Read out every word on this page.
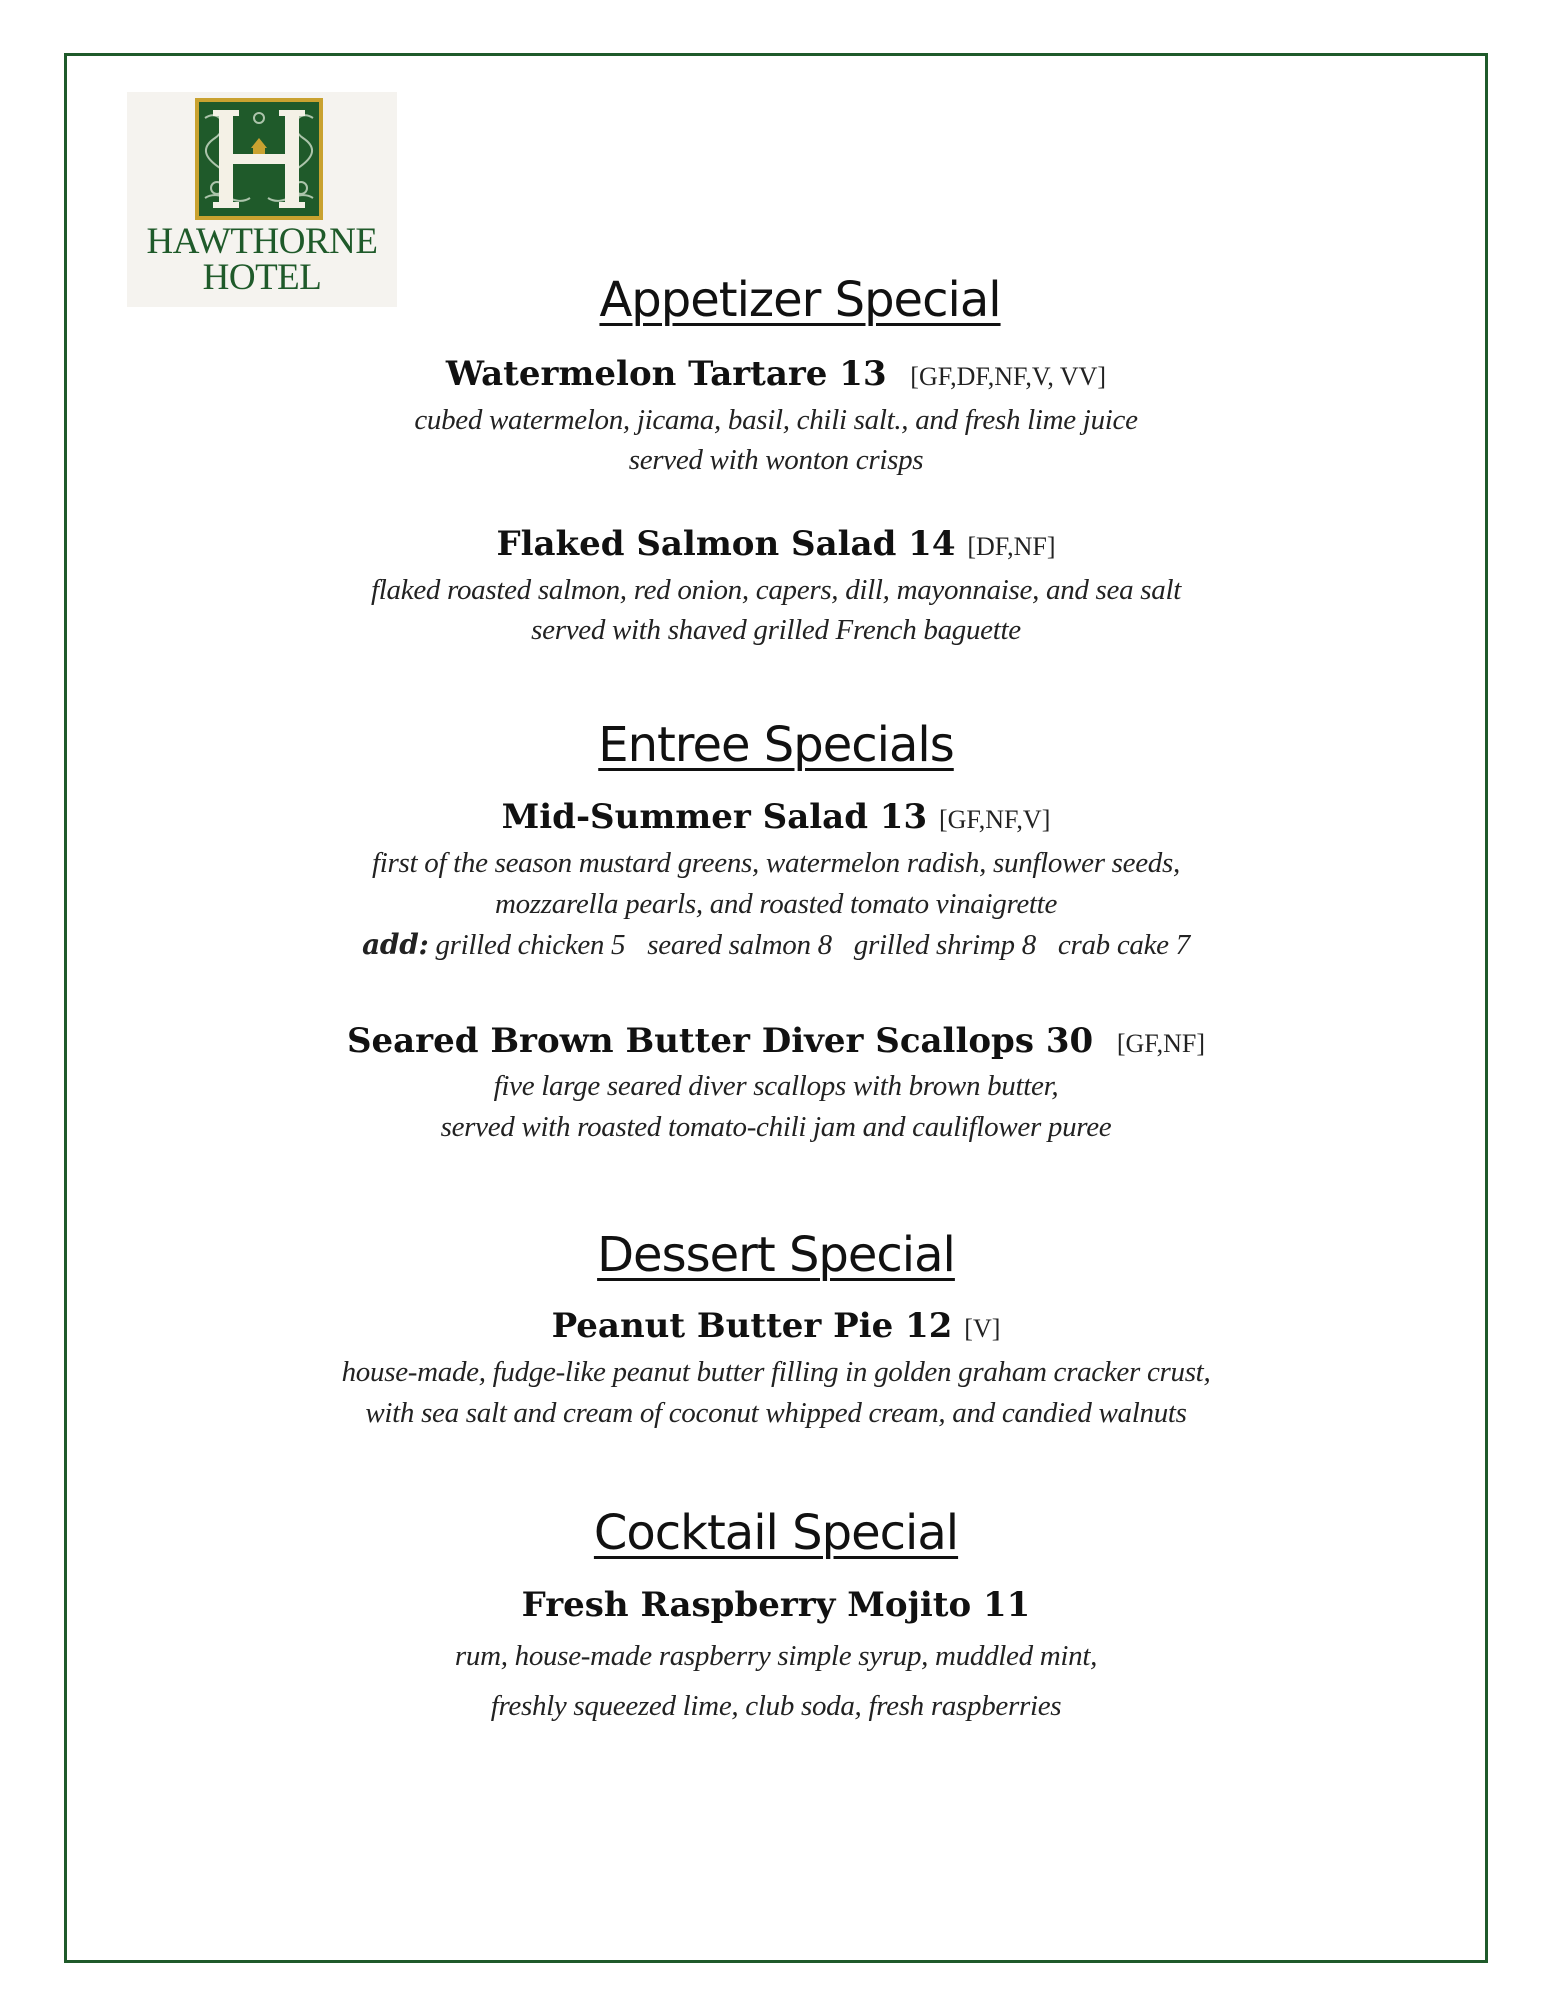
HAWTHORNE
HOTEL	Appetizer Special
Watermelon Tartare 13 [GF,DF,NF,V, VV]
cubed watermelon, jicama, basil, chili salt., and fresh lime juice
served with wonton crisps
Flaked Salmon Salad 14 [DF,NF]
flaked roasted salmon, red onion, capers, dill, mayonnaise, and sea salt
served with shaved grilled French baguette
Entree Specials
Mid-Summer Salad 13 [GF,NF,V]
first of the season mustard greens, watermelon radish, sunflower seeds,
mozzarella pearls, and roasted tomato vinaigrette
add: grilled chicken 5 seared salmon 8 grilled shrimp 8 crab cake 7
Seared Brown Butter Diver Scallops 30 [GF,NF]
five large seared diver scallops with brown butter,
served with roasted tomato-chili jam and cauliflower puree
Dessert Special
Peanut Butter Pie 12 [V]
house-made, fudge-like peanut butter filling in golden graham cracker crust,
with sea salt and cream of coconut whipped cream, and candied walnuts
Cocktail Special
Fresh Raspberry Mojito 11
rum, house-made raspberry simple syrup, muddled mint,
freshly squeezed lime, club soda, fresh raspberries
